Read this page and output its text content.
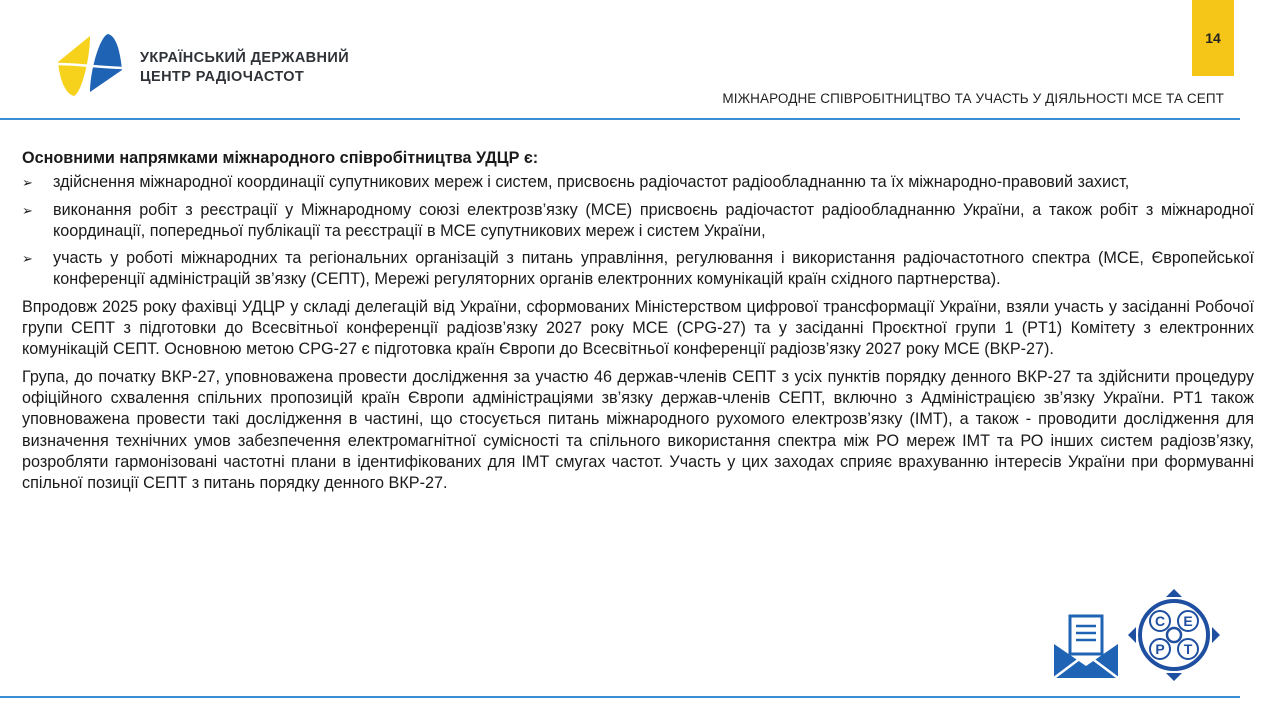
УКРАЇНСЬКИЙ ДЕРЖАВНИЙ
ЦЕНТР РАДІОЧАСТОТ
14
МІЖНАРОДНЕ СПІВРОБІТНИЦТВО ТА УЧАСТЬ У ДІЯЛЬНОСТІ МСЕ ТА СЕПТ
Основними напрямками міжнародного співробітництва УДЦР є:
➢	здійснення міжнародної координації супутникових мереж і систем, присвоєнь радіочастот радіообладнанню та їх міжнародно-правовий захист,
➢	виконання робіт з реєстрації у Міжнародному союзі електрозв’язку (МСЕ) присвоєнь радіочастот радіообладнанню України, а також робіт з міжнародної координації, попередньої публікації та реєстрації в МСЕ супутникових мереж і систем України,
➢	участь у роботі міжнародних та регіональних організацій з питань управління, регулювання і використання радіочастотного спектра (МСЕ, Європейської конференції адміністрацій зв’язку (СЕПТ), Мережі регуляторних органів електронних комунікацій країн східного партнерства).
Впродовж 2025 року фахівці УДЦР у складі делегацій від України, сформованих Міністерством цифрової трансформації України, взяли участь у засіданні Робочої групи СЕПТ з підготовки до Всесвітньої конференції радіозв’язку 2027 року МСЕ (CPG-27) та у засіданні Проєктної групи 1 (PT1) Комітету з електронних комунікацій СЕПТ. Основною метою CPG-27 є підготовка країн Європи до Всесвітньої конференції радіозв’язку 2027 року МСЕ (ВКР-27).
Група, до початку ВКР-27, уповноважена провести дослідження за участю 46 держав-членів СЕПТ з усіх пунктів порядку денного ВКР-27 та здійснити процедуру офіційного схвалення спільних пропозицій країн Європи адміністраціями зв’язку держав-членів СЕПТ, включно з Адміністрацією зв’язку України. PT1 також уповноважена провести такі дослідження в частині, що стосується питань міжнародного рухомого електрозв’язку (IMT), а також - проводити дослідження для визначення технічних умов забезпечення електромагнітної сумісності та спільного використання спектра між РО мереж IMT та РО інших систем радіозв’язку, розробляти гармонізовані частотні плани в ідентифікованих для IMT смугах частот. Участь у цих заходах сприяє врахуванню інтересів України при формуванні спільної позиції СЕПТ з питань порядку денного ВКР-27.
C E
P T
